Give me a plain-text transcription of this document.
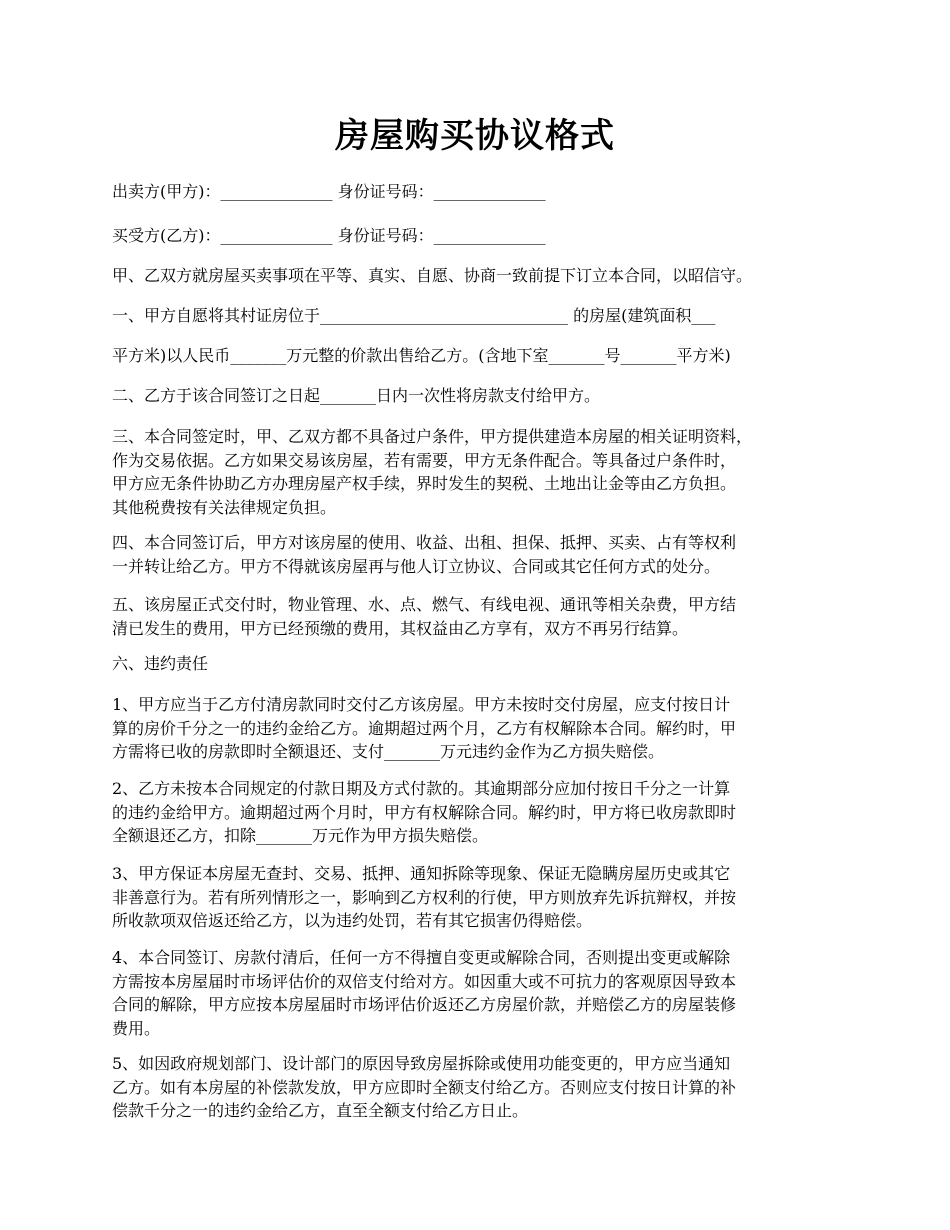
房屋购买协议格式
出卖方(甲方)：______________ 身份证号码：______________
买受方(乙方)：______________ 身份证号码：______________
甲、乙双方就房屋买卖事项在平等、真实、自愿、协商一致前提下订立本合同，以昭信守。
一、甲方自愿将其村证房位于_______________________________ 的房屋(建筑面积___
平方米)以人民币_______万元整的价款出售给乙方。(含地下室_______号_______平方米)
二、乙方于该合同签订之日起_______日内一次性将房款支付给甲方。
三、本合同签定时，甲、乙双方都不具备过户条件，甲方提供建造本房屋的相关证明资料，
作为交易依据。乙方如果交易该房屋，若有需要，甲方无条件配合。等具备过户条件时，
甲方应无条件协助乙方办理房屋产权手续，界时发生的契税、土地出让金等由乙方负担。
其他税费按有关法律规定负担。
四、本合同签订后，甲方对该房屋的使用、收益、出租、担保、抵押、买卖、占有等权利
一并转让给乙方。甲方不得就该房屋再与他人订立协议、合同或其它任何方式的处分。
五、该房屋正式交付时，物业管理、水、点、燃气、有线电视、通讯等相关杂费，甲方结
清已发生的费用，甲方已经预缴的费用，其权益由乙方享有，双方不再另行结算。
六、违约责任
1、甲方应当于乙方付清房款同时交付乙方该房屋。甲方未按时交付房屋，应支付按日计
算的房价千分之一的违约金给乙方。逾期超过两个月，乙方有权解除本合同。解约时，甲
方需将已收的房款即时全额退还、支付_______万元违约金作为乙方损失赔偿。
2、乙方未按本合同规定的付款日期及方式付款的。其逾期部分应加付按日千分之一计算
的违约金给甲方。逾期超过两个月时，甲方有权解除合同。解约时，甲方将已收房款即时
全额退还乙方，扣除_______万元作为甲方损失赔偿。
3、甲方保证本房屋无查封、交易、抵押、通知拆除等现象、保证无隐瞒房屋历史或其它
非善意行为。若有所列情形之一，影响到乙方权利的行使，甲方则放弃先诉抗辩权，并按
所收款项双倍返还给乙方，以为违约处罚，若有其它损害仍得赔偿。
4、本合同签订、房款付清后，任何一方不得擅自变更或解除合同，否则提出变更或解除
方需按本房屋届时市场评估价的双倍支付给对方。如因重大或不可抗力的客观原因导致本
合同的解除，甲方应按本房屋届时市场评估价返还乙方房屋价款，并赔偿乙方的房屋装修
费用。
5、如因政府规划部门、设计部门的原因导致房屋拆除或使用功能变更的，甲方应当通知
乙方。如有本房屋的补偿款发放，甲方应即时全额支付给乙方。否则应支付按日计算的补
偿款千分之一的违约金给乙方，直至全额支付给乙方日止。
